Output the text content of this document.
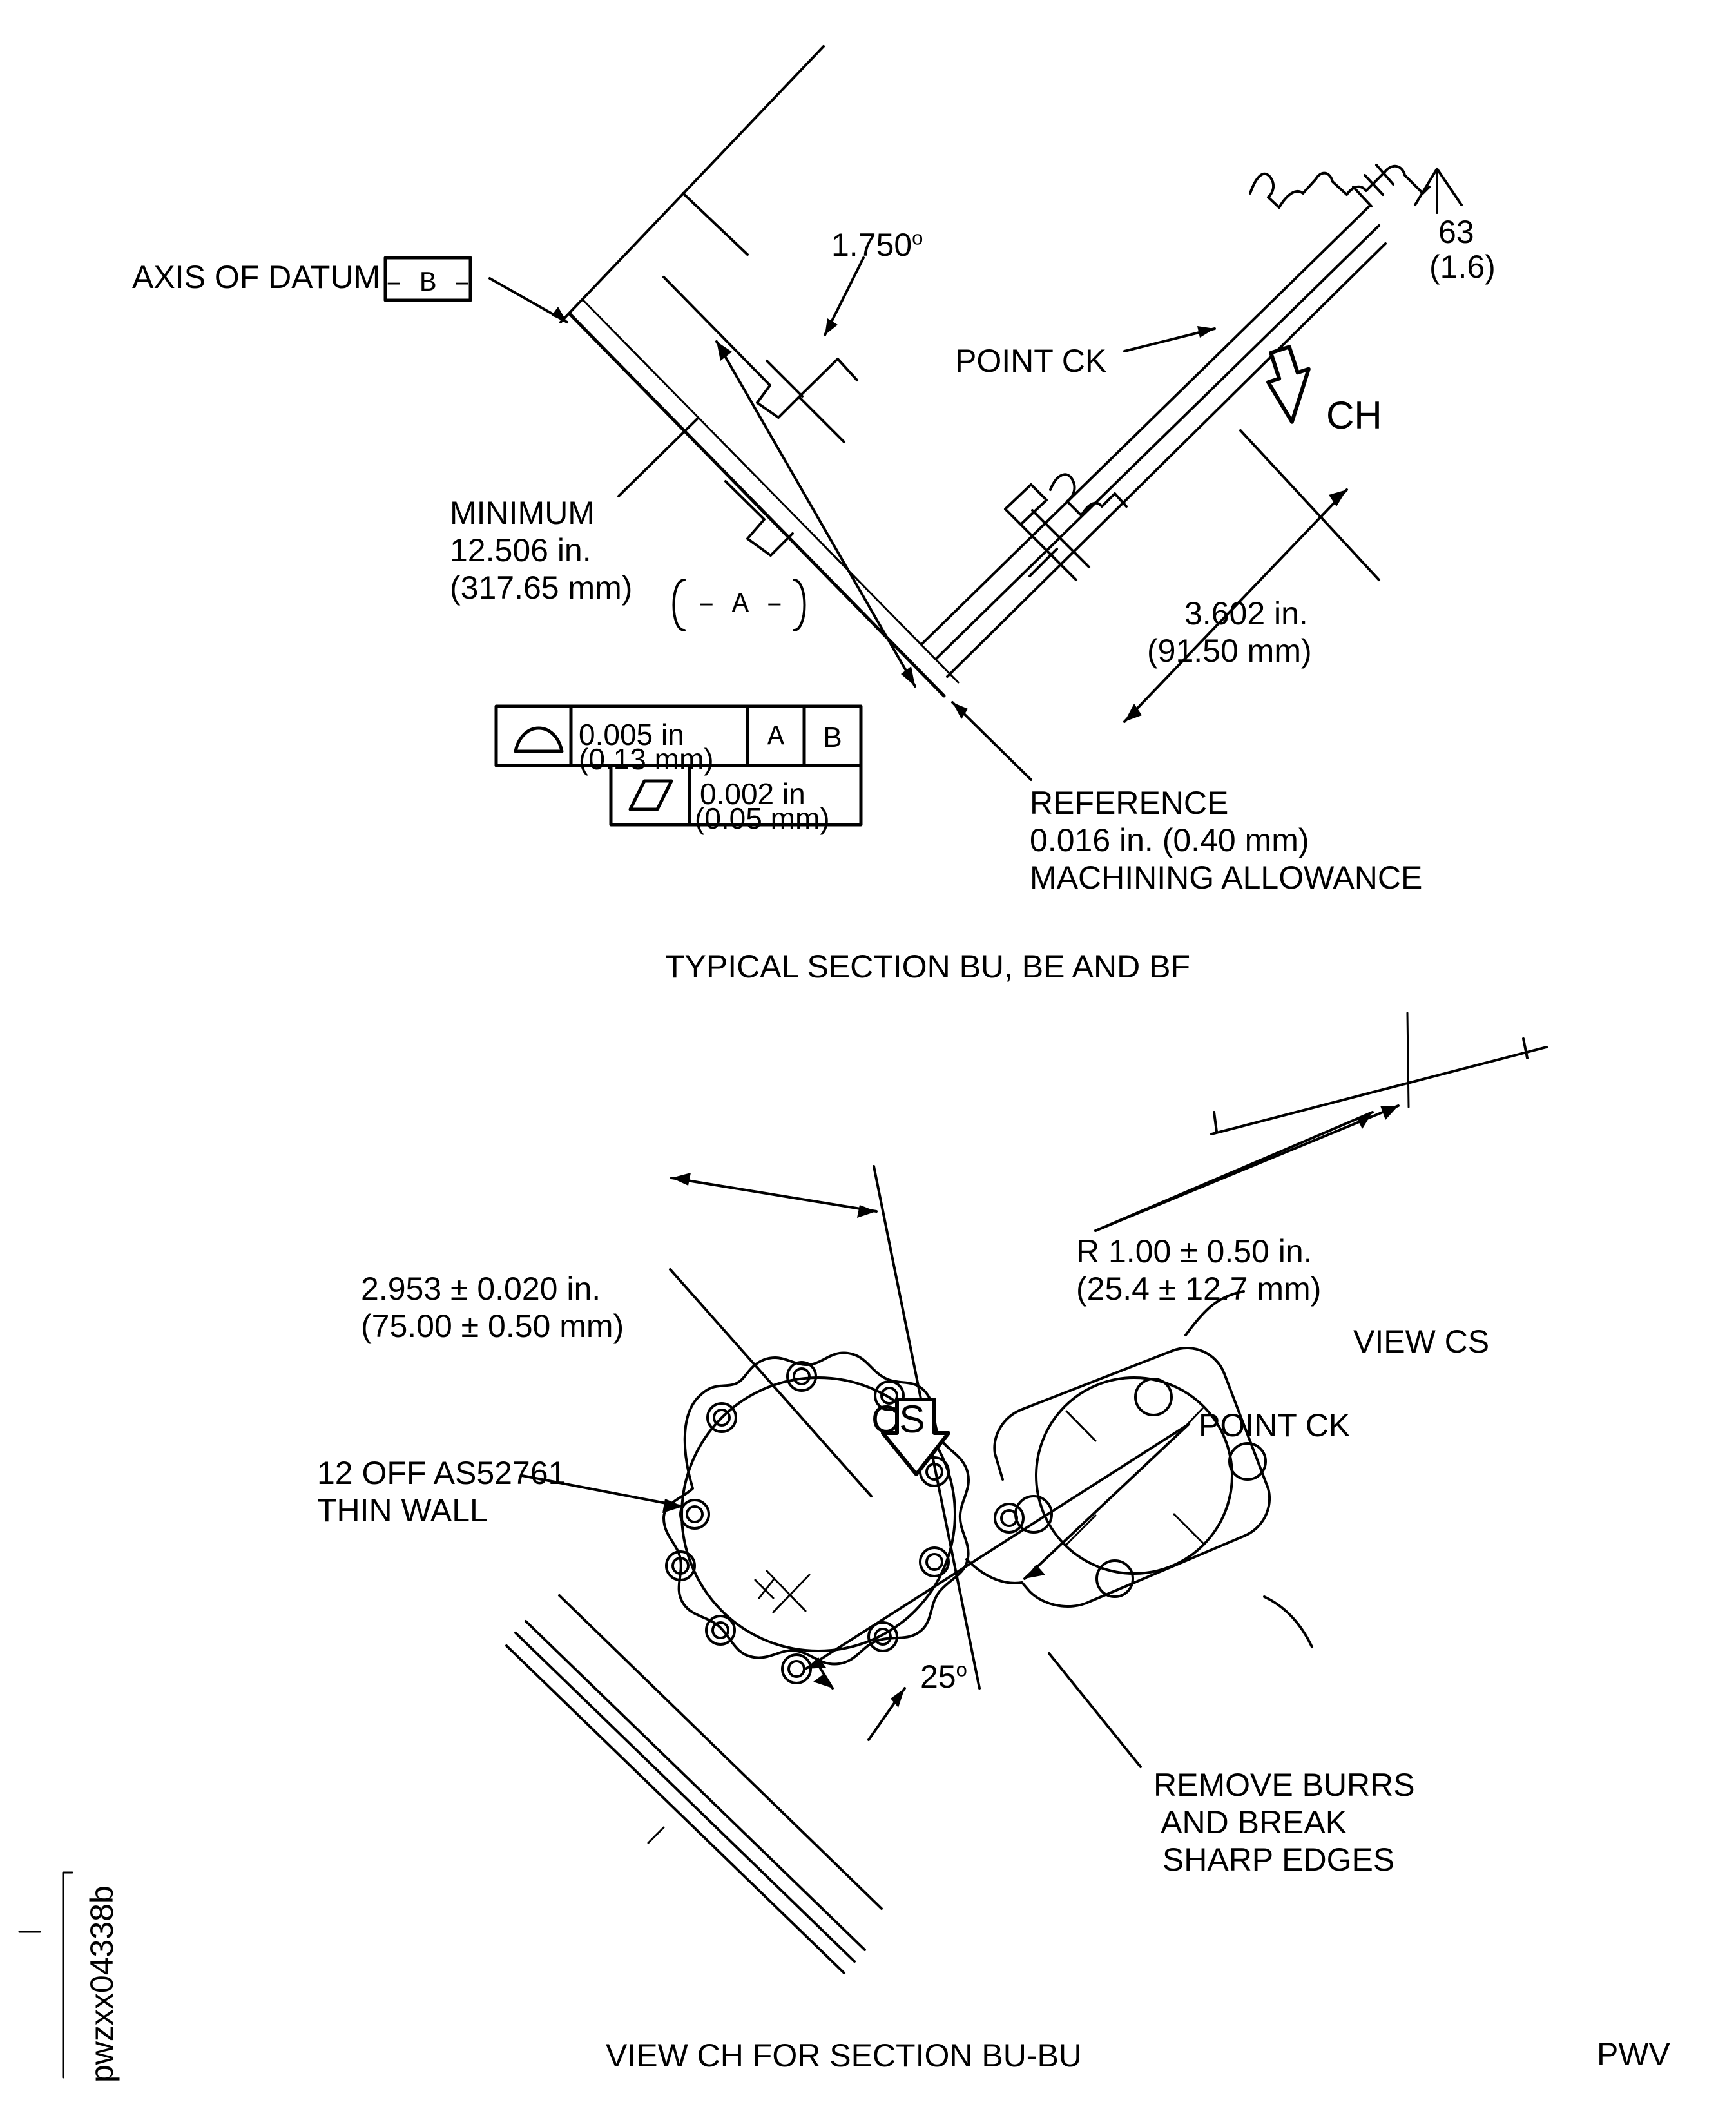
AXIS OF DATUM – B –
1.750$^o$
POINT CK
CH
63
(1.6)
MINIMUM
12.506 in.
(317.65 mm) – A –	3.602 in.
(91.50 mm)
0.005 in
(0.13 mm)
A	B
0.002 in
(0.05 mm)	REFERENCE
0.016 in. (0.40 mm)
MACHINING ALLOWANCE
TYPICAL SECTION BU, BE AND BF
R 1.00 ± 0.50 in.
(25.4 ± 12.7 mm)
VIEW CS
2.953 ± 0.020 in.
(75.00 ± 0.50 mm)
CS	POINT CK
12 OFF AS52761
THIN WALL
25$^o$
REMOVE BURRS
AND BREAK
SHARP EDGES
VIEW CH FOR SECTION BU-BU
pwzxx04338b	PWV
